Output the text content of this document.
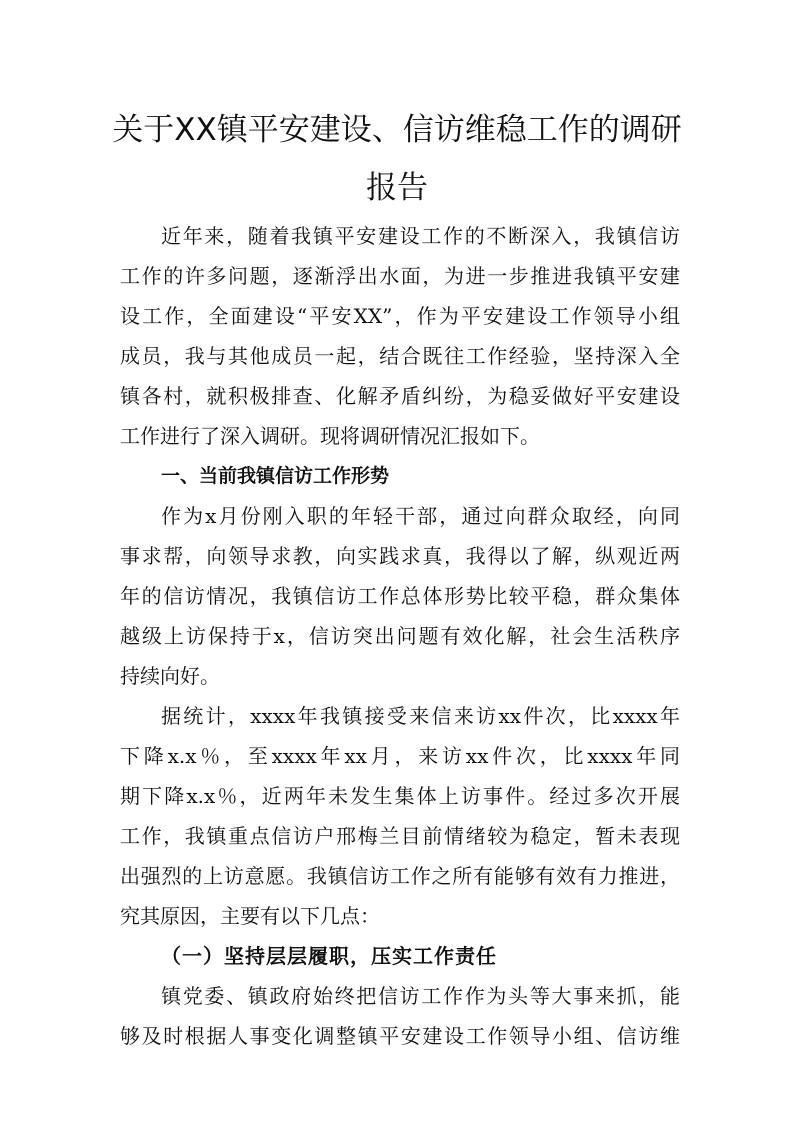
关于XX镇平安建设、信访维稳工作的调研
报告
近年来，随着我镇平安建设工作的不断深入，我镇信访
工作的许多问题，逐渐浮出水面，为进一步推进我镇平安建
设工作，全面建设“平安XX”，作为平安建设工作领导小组
成员，我与其他成员一起，结合既往工作经验，坚持深入全
镇各村，就积极排查、化解矛盾纠纷，为稳妥做好平安建设
工作进行了深入调研。现将调研情况汇报如下。
一、当前我镇信访工作形势
作为x月份刚入职的年轻干部，通过向群众取经，向同
事求帮，向领导求教，向实践求真，我得以了解，纵观近两
年的信访情况，我镇信访工作总体形势比较平稳，群众集体
越级上访保持于x，信访突出问题有效化解，社会生活秩序
持续向好。
据统计，xxxx年我镇接受来信来访xx件次，比xxxx年
下降x.x％，至xxxx年xx月，来访xx件次，比xxxx年同
期下降x.x％，近两年未发生集体上访事件。经过多次开展
工作，我镇重点信访户邢梅兰目前情绪较为稳定，暂未表现
出强烈的上访意愿。我镇信访工作之所有能够有效有力推进，
究其原因，主要有以下几点：
（一）坚持层层履职，压实工作责任
镇党委、镇政府始终把信访工作作为头等大事来抓，能
够及时根据人事变化调整镇平安建设工作领导小组、信访维
